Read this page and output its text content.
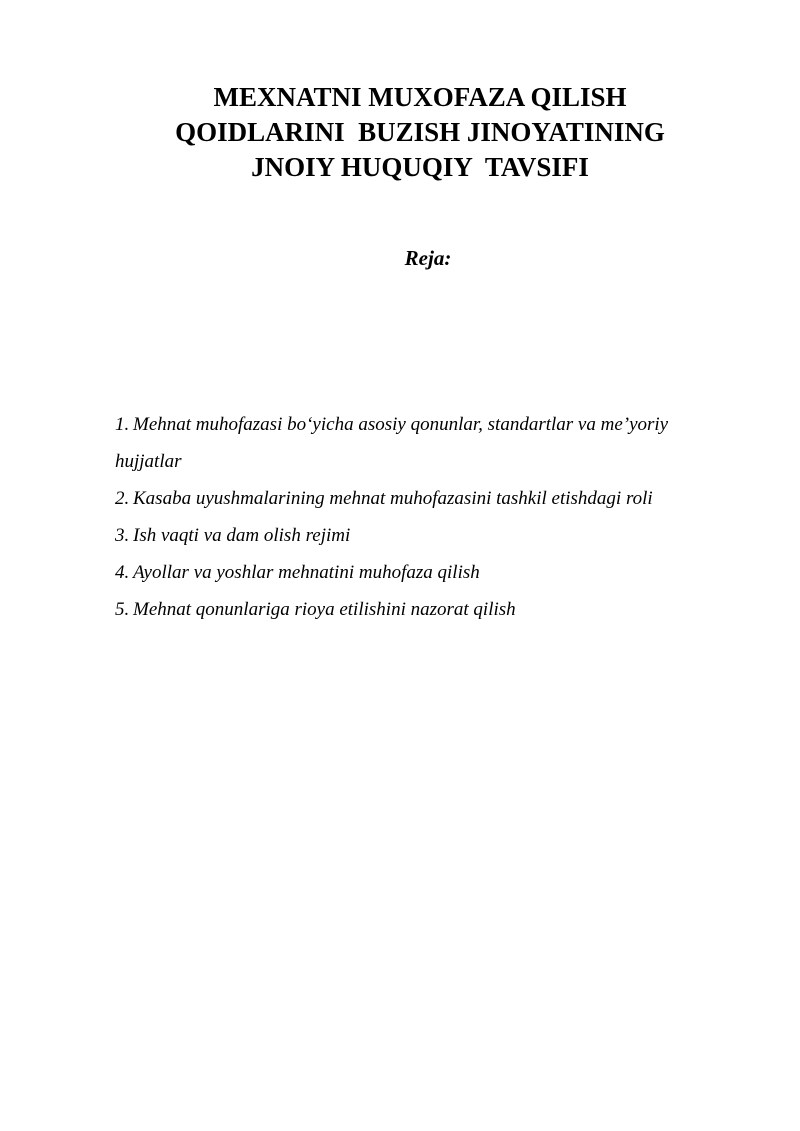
MEXNATNI MUXOFAZA QILISH
QOIDLARINI  BUZISH JINOYATINING
JNOIY HUQUQIY  TAVSIFI

Reja:

1. Mehnat muhofazasi bo‘yicha asosiy qonunlar, standartlar va me’yoriy
hujjatlar
2. Kasaba uyushmalarining mehnat muhofazasini tashkil etishdagi roli
3. Ish vaqti va dam olish rejimi
4. Ayollar va yoshlar mehnatini muhofaza qilish
5. Mehnat qonunlariga rioya etilishini nazorat qilish
